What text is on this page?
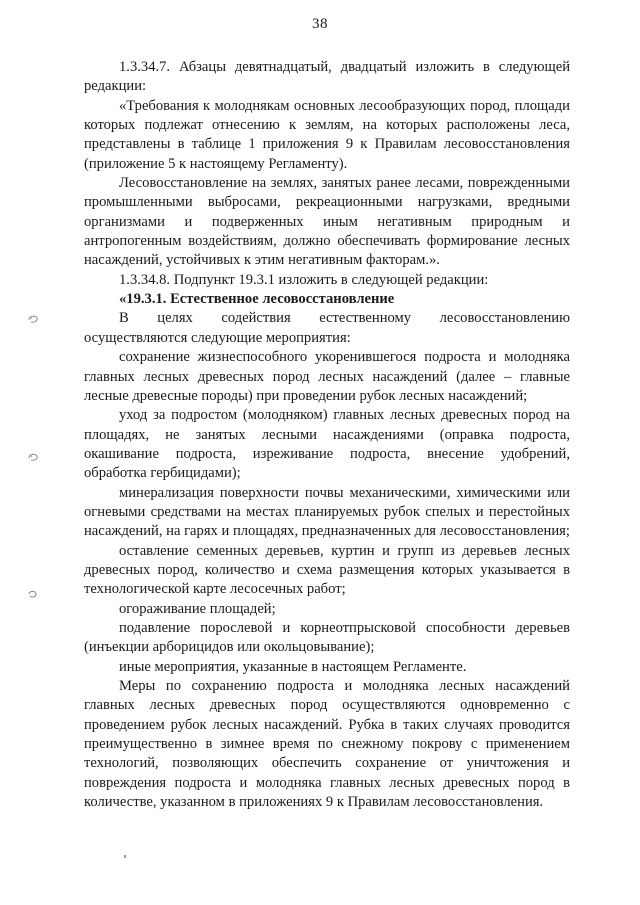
38

1.3.34.7. Абзацы девятнадцатый, двадцатый изложить в следующей редакции:

«Требования к молоднякам основных лесообразующих пород, площади которых подлежат отнесению к землям, на которых расположены леса, представлены в таблице 1 приложения 9 к Правилам лесовосстановления (приложение 5 к настоящему Регламенту).

Лесовосстановление на землях, занятых ранее лесами, поврежденными промышленными выбросами, рекреационными нагрузками, вредными организмами и подверженных иным негативным природным и антропогенным воздействиям, должно обеспечивать формирование лесных насаждений, устойчивых к этим негативным факторам.».

1.3.34.8. Подпункт 19.3.1 изложить в следующей редакции:

«19.3.1. Естественное лесовосстановление

В целях содействия естественному лесовосстановлению осуществляются следующие мероприятия:

сохранение жизнеспособного укоренившегося подроста и молодняка главных лесных древесных пород лесных насаждений (далее – главные лесные древесные породы) при проведении рубок лесных насаждений;

уход за подростом (молодняком) главных лесных древесных пород на площадях, не занятых лесными насаждениями (оправка подроста, окашивание подроста, изреживание подроста, внесение удобрений, обработка гербицидами);

минерализация поверхности почвы механическими, химическими или огневыми средствами на местах планируемых рубок спелых и перестойных насаждений, на гарях и площадях, предназначенных для лесовосстановления;

оставление семенных деревьев, куртин и групп из деревьев лесных древесных пород, количество и схема размещения которых указывается в технологической карте лесосечных работ;

огораживание площадей;

подавление порослевой и корнеотпрысковой способности деревьев (инъекции арборицидов или окольцовывание);

иные мероприятия, указанные в настоящем Регламенте.

Меры по сохранению подроста и молодняка лесных насаждений главных лесных древесных пород осуществляются одновременно с проведением рубок лесных насаждений. Рубка в таких случаях проводится преимущественно в зимнее время по снежному покрову с применением технологий, позволяющих обеспечить сохранение от уничтожения и повреждения подроста и молодняка главных лесных древесных пород в количестве, указанном в приложениях 9 к Правилам лесовосстановления.
